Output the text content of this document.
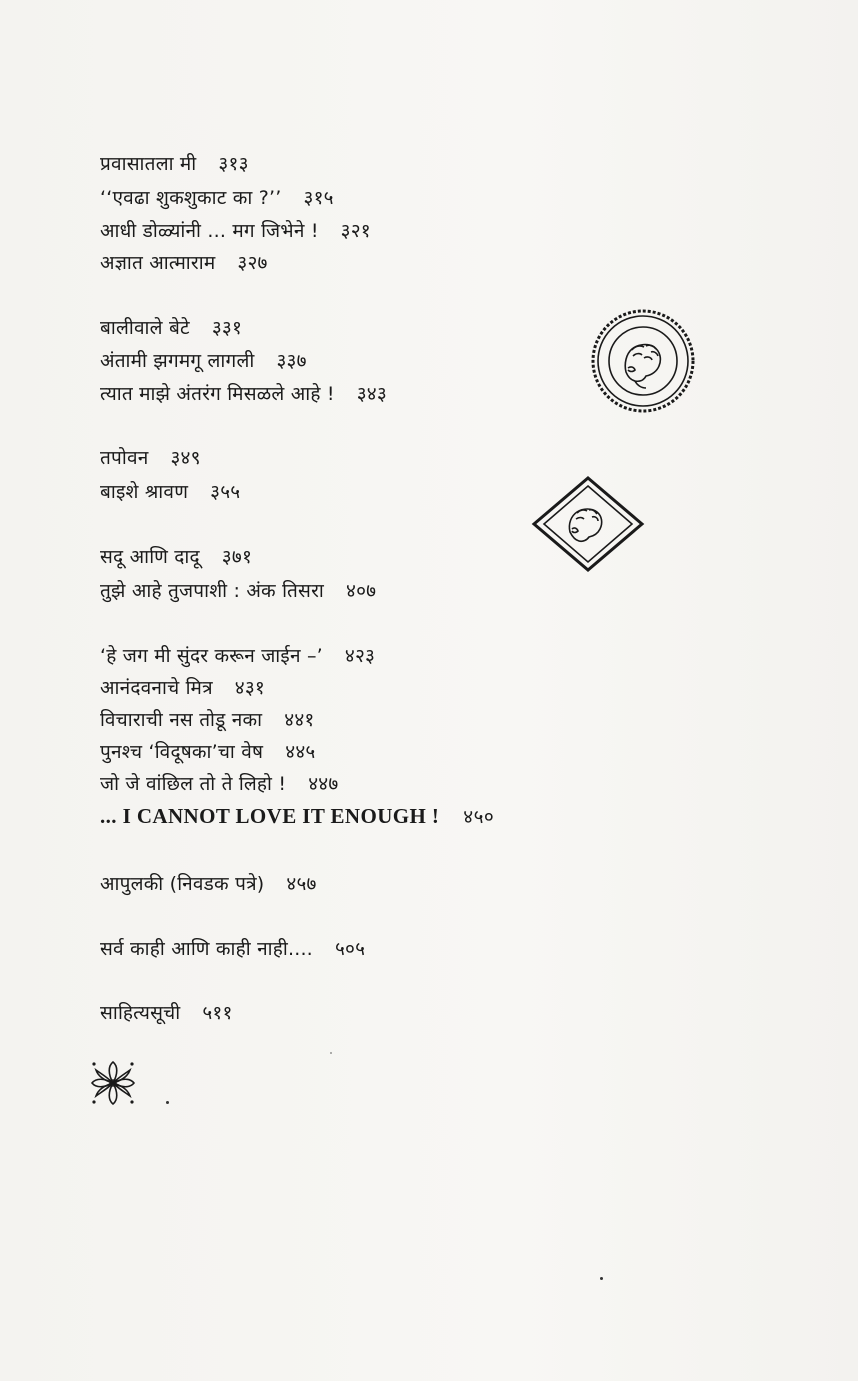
प्रवासातला मी ३१३
‘‘एवढा शुकशुकाट का ?’’ ३१५
आधी डोळ्यांनी ... मग जिभेने ! ३२१
अज्ञात आत्माराम ३२७
बालीवाले बेटे ३३१
अंतामी झगमगू लागली ३३७
त्यात माझे अंतरंग मिसळले आहे ! ३४३
तपोवन ३४९
बाइशे श्रावण ३५५
सदू आणि दादू ३७१
तुझे आहे तुजपाशी : अंक तिसरा ४०७
‘हे जग मी सुंदर करून जाईन –’ ४२३
आनंदवनाचे मित्र ४३१
विचाराची नस तोडू नका ४४१
पुनश्च ‘विदूषका’चा वेष ४४५
जो जे वांछिल तो ते लिहो ! ४४७
... I CANNOT LOVE IT ENOUGH ! ४५०
आपुलकी (निवडक पत्रे) ४५७
सर्व काही आणि काही नाही.... ५०५
साहित्यसूची ५११
